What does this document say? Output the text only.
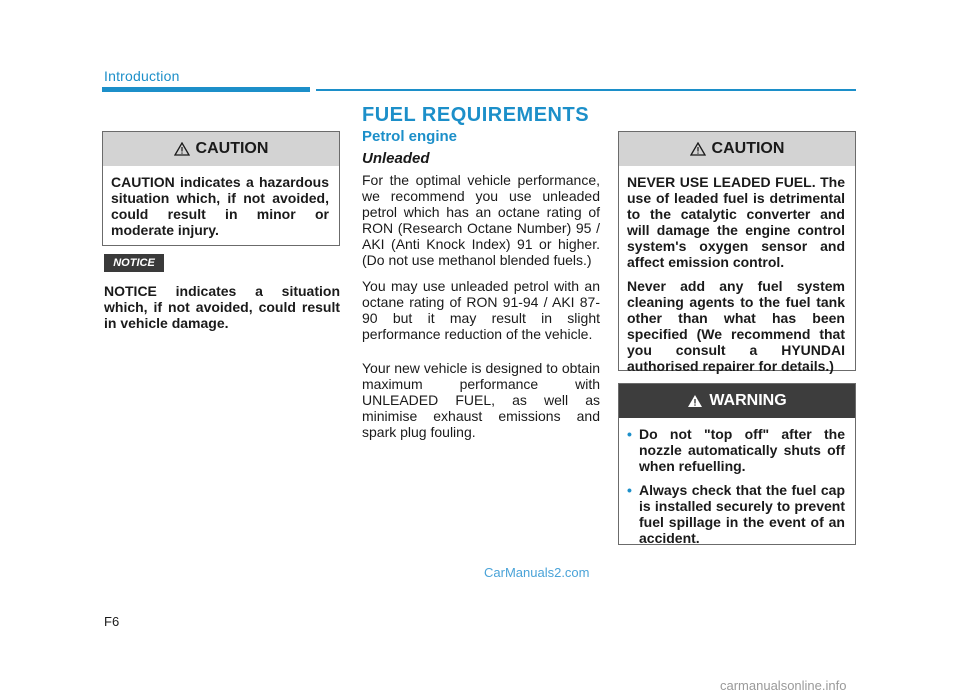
Introduction
CAUTION

CAUTION indicates a hazardous situation which, if not avoided, could result in minor or moderate injury.

NOTICE
NOTICE indicates a situation which, if not avoided, could result in vehicle damage.
FUEL REQUIREMENTS
Petrol engine
Unleaded

For the optimal vehicle performance, we recommend you use unleaded petrol which has an octane rating of RON (Research Octane Number) 95 / AKI (Anti Knock Index) 91 or higher. (Do not use methanol blended fuels.)

You may use unleaded petrol with an octane rating of RON 91-94 / AKI 87-90 but it may result in slight performance reduction of the vehicle.

Your new vehicle is designed to obtain maximum performance with UNLEADED FUEL, as well as minimise exhaust emissions and spark plug fouling.

CAUTION

NEVER USE LEADED FUEL. The use of leaded fuel is detrimental to the catalytic converter and will damage the engine control system's oxygen sensor and affect emission control.

Never add any fuel system cleaning agents to the fuel tank other than what has been specified (We recommend that you consult a HYUNDAI authorised repairer for details.)

WARNING
• Do not "top off" after the nozzle automatically shuts off when refuelling.
• Always check that the fuel cap is installed securely to prevent fuel spillage in the event of an accident.
CarManuals2.com
F6
carmanualsonline.info
